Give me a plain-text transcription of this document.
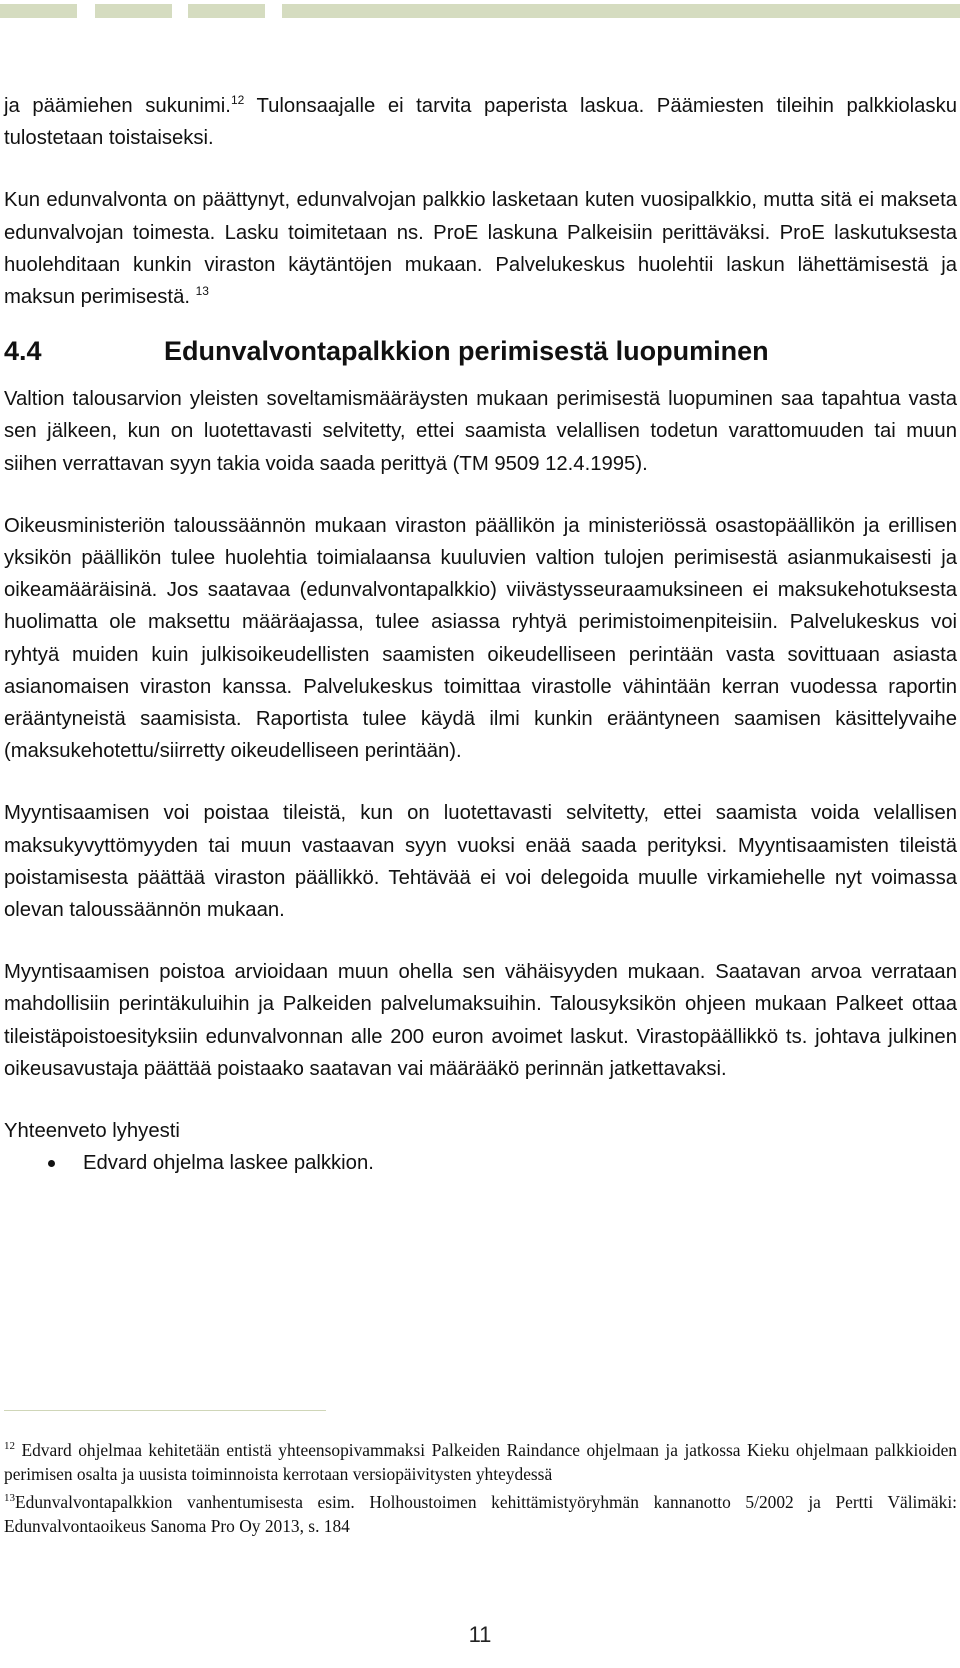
ja päämiehen sukunimi.$^{12}$ Tulonsaajalle ei tarvita paperista laskua. Päämiesten tileihin palkkiolasku tulostetaan toistaiseksi.

Kun edunvalvonta on päättynyt, edunvalvojan palkkio lasketaan kuten vuosipalkkio, mutta sitä ei makseta edunvalvojan toimesta. Lasku toimitetaan ns. ProE laskuna Palkeisiin perittäväksi. ProE laskutuksesta huolehditaan kunkin viraston käytäntöjen mukaan. Palvelukeskus huolehtii laskun lähettämisestä ja maksun perimisestä. $^{13}$

4.4	Edunvalvontapalkkion perimisestä luopuminen

Valtion talousarvion yleisten soveltamismääräysten mukaan perimisestä luopuminen saa tapahtua vasta sen jälkeen, kun on luotettavasti selvitetty, ettei saamista velallisen todetun varattomuuden tai muun siihen verrattavan syyn takia voida saada perittyä (TM 9509 12.4.1995).

Oikeusministeriön taloussäännön mukaan viraston päällikön ja ministeriössä osastopäällikön ja erillisen yksikön päällikön tulee huolehtia toimialaansa kuuluvien valtion tulojen perimisestä asianmukaisesti ja oikeamääräisinä. Jos saatavaa (edunvalvontapalkkio) viivästysseuraamuksineen ei maksukehotuksesta huolimatta ole maksettu määräajassa, tulee asiassa ryhtyä perimistoimenpiteisiin. Palvelukeskus voi ryhtyä muiden kuin julkisoikeudellisten saamisten oikeudelliseen perintään vasta sovittuaan asiasta asianomaisen viraston kanssa. Palvelukeskus toimittaa virastolle vähintään kerran vuodessa raportin erääntyneistä saamisista. Raportista tulee käydä ilmi kunkin erääntyneen saamisen käsittelyvaihe (maksukehotettu/siirretty oikeudelliseen perintään).

Myyntisaamisen voi poistaa tileistä, kun on luotettavasti selvitetty, ettei saamista voida velallisen maksukyvyttömyyden tai muun vastaavan syyn vuoksi enää saada perityksi. Myyntisaamisten tileistä poistamisesta päättää viraston päällikkö. Tehtävää ei voi delegoida muulle virkamiehelle nyt voimassa olevan taloussäännön mukaan.

Myyntisaamisen poistoa arvioidaan muun ohella sen vähäisyyden mukaan. Saatavan arvoa verrataan mahdollisiin perintäkuluihin ja Palkeiden palvelumaksuihin. Talousyksikön ohjeen mukaan Palkeet ottaa tileistäpoistoesityksiin edunvalvonnan alle 200 euron avoimet laskut. Virastopäällikkö ts. johtava julkinen oikeusavustaja päättää poistaako saatavan vai määrääkö perinnän jatkettavaksi.

Yhteenveto lyhyesti

Edvard ohjelma laskee palkkion.
$^{12}$ Edvard ohjelmaa kehitetään entistä yhteensopivammaksi Palkeiden Raindance ohjelmaan ja jatkossa Kieku ohjelmaan palkkioiden perimisen osalta ja uusista toiminnoista kerrotaan versiopäivitysten yhteydessä
$^{13}$Edunvalvontapalkkion vanhentumisesta esim. Holhoustoimen kehittämistyöryhmän kannanotto 5/2002 ja Pertti Välimäki: Edunvalvontaoikeus Sanoma Pro Oy 2013, s. 184
11
